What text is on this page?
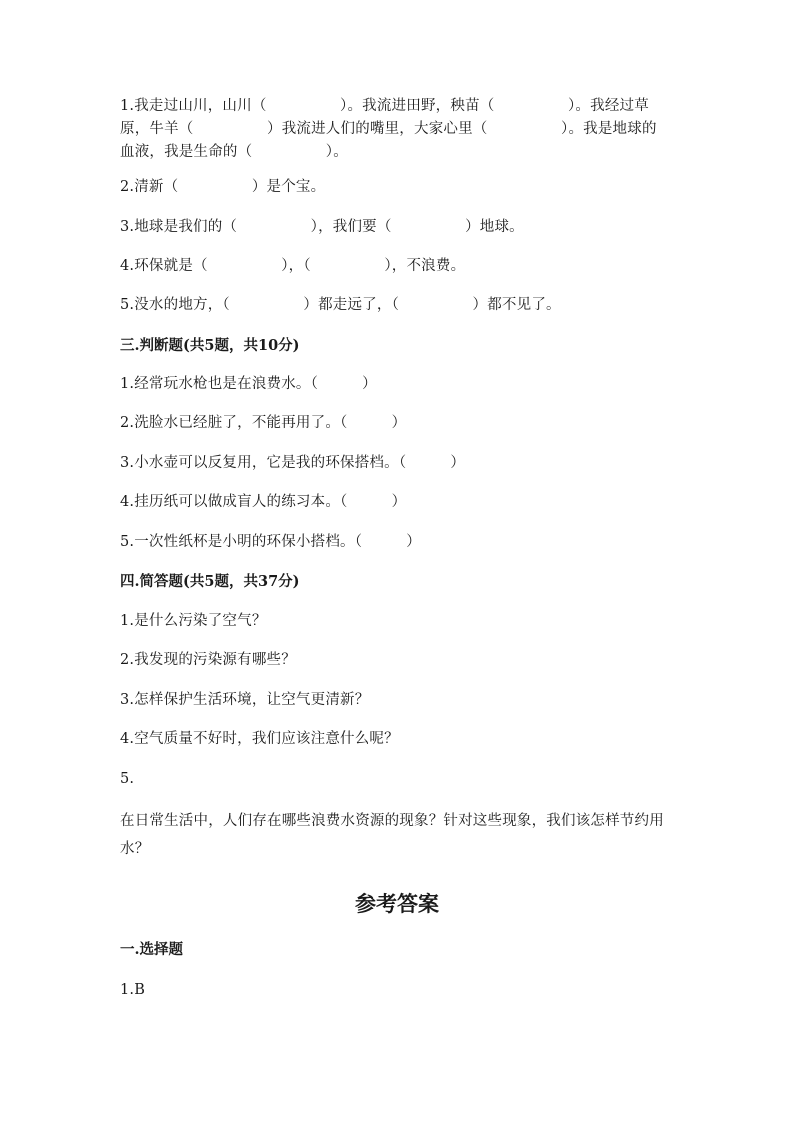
1.我走过山川，山川（　　　　　）。我流进田野，秧苗（　　　　　）。我经过草原，牛羊（　　　　　）我流进人们的嘴里，大家心里（　　　　　）。我是地球的血液，我是生命的（　　　　　）。

2.清新（　　　　　）是个宝。

3.地球是我们的（　　　　　），我们要（　　　　　）地球。

4.环保就是（　　　　　），（　　　　　），不浪费。

5.没水的地方，（　　　　　）都走远了，（　　　　　）都不见了。

三.判断题(共5题，共10分)

1.经常玩水枪也是在浪费水。（　　　）

2.洗脸水已经脏了，不能再用了。（　　　）

3.小水壶可以反复用，它是我的环保搭档。（　　　）

4.挂历纸可以做成盲人的练习本。（　　　）

5.一次性纸杯是小明的环保小搭档。（　　　）

四.简答题(共5题，共37分)

1.是什么污染了空气？

2.我发现的污染源有哪些？

3.怎样保护生活环境，让空气更清新？

4.空气质量不好时，我们应该注意什么呢？

5.

在日常生活中，人们存在哪些浪费水资源的现象？针对这些现象，我们该怎样节约用水？

参考答案

一.选择题

1.B
